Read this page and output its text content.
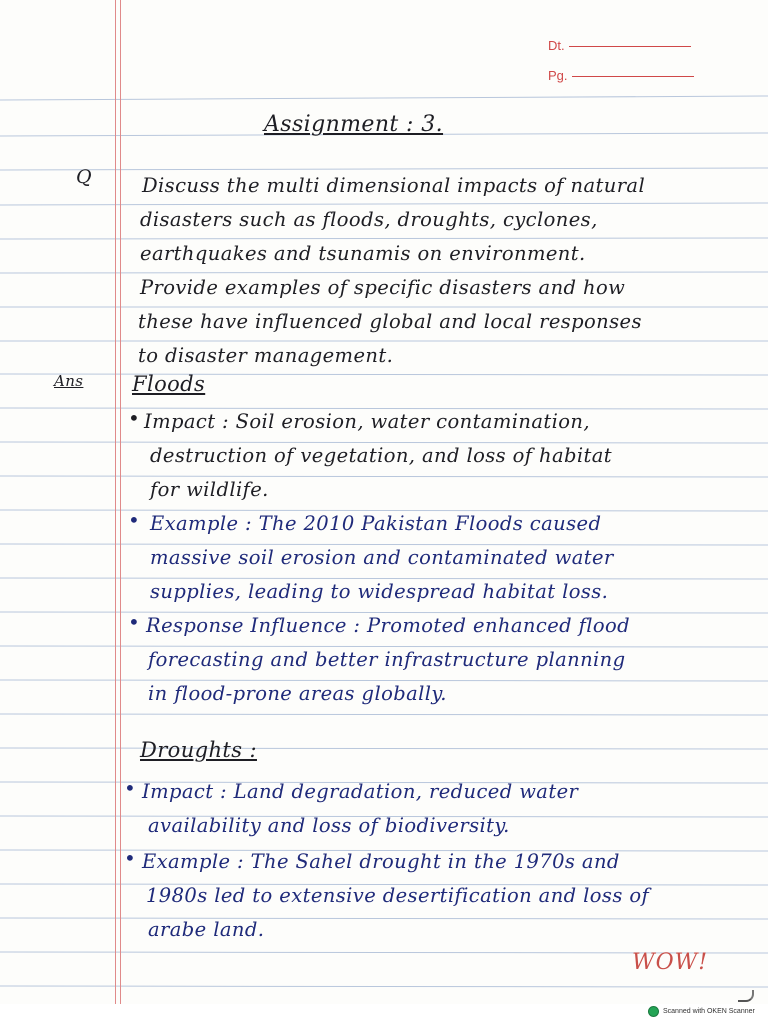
Dt.
Pg.
Assignment : 3.
Q	Discuss the multi dimensional impacts of natural
disasters such as floods, droughts, cyclones,
earthquakes and tsunamis on environment.
Provide examples of specific disasters and how
these have influenced global and local responses
to disaster management.
Ans Floods
• Impact : Soil erosion, water contamination,
destruction of vegetation, and loss of habitat
for wildlife.
• Example : The 2010 Pakistan Floods caused
massive soil erosion and contaminated water
supplies, leading to widespread habitat loss.
• Response Influence : Promoted enhanced flood
forecasting and better infrastructure planning
in flood-prone areas globally.
Droughts :
• Impact : Land degradation, reduced water
availability and loss of biodiversity.
• Example : The Sahel drought in the 1970s and
1980s led to extensive desertification and loss of
arabe land.
WOW!
Scanned with OKEN Scanner
